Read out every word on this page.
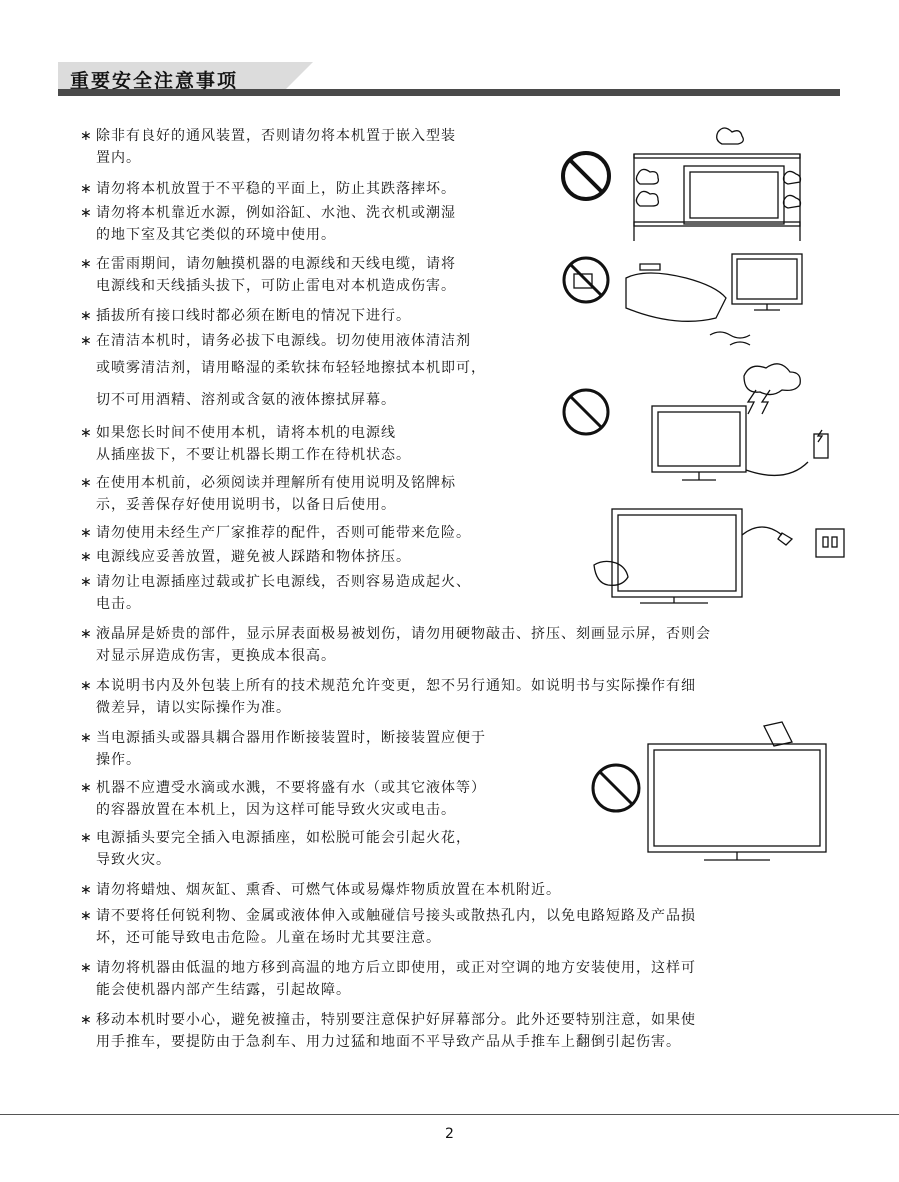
重要安全注意事项
∗ 除非有良好的通风装置，否则请勿将本机置于嵌入型装
置内。
∗ 请勿将本机放置于不平稳的平面上，防止其跌落摔坏。
∗ 请勿将本机靠近水源，例如浴缸、水池、洗衣机或潮湿
的地下室及其它类似的环境中使用。
∗ 在雷雨期间，请勿触摸机器的电源线和天线电缆，请将
电源线和天线插头拔下，可防止雷电对本机造成伤害。
∗ 插拔所有接口线时都必须在断电的情况下进行。
∗ 在清洁本机时，请务必拔下电源线。切勿使用液体清洁剂
或喷雾清洁剂，请用略湿的柔软抹布轻轻地擦拭本机即可，
切不可用酒精、溶剂或含氨的液体擦拭屏幕。
∗ 如果您长时间不使用本机，请将本机的电源线
从插座拔下，不要让机器长期工作在待机状态。
∗ 在使用本机前，必须阅读并理解所有使用说明及铭牌标
示，妥善保存好使用说明书，以备日后使用。
∗ 请勿使用未经生产厂家推荐的配件，否则可能带来危险。
∗ 电源线应妥善放置，避免被人踩踏和物体挤压。
∗ 请勿让电源插座过载或扩长电源线，否则容易造成起火、
电击。
∗ 液晶屏是娇贵的部件，显示屏表面极易被划伤，请勿用硬物敲击、挤压、刻画显示屏，否则会
对显示屏造成伤害，更换成本很高。
∗ 本说明书内及外包装上所有的技术规范允许变更，恕不另行通知。如说明书与实际操作有细
微差异，请以实际操作为准。
∗ 当电源插头或器具耦合器用作断接装置时，断接装置应便于
操作。
∗ 机器不应遭受水滴或水溅，不要将盛有水（或其它液体等）
的容器放置在本机上，因为这样可能导致火灾或电击。
∗ 电源插头要完全插入电源插座，如松脱可能会引起火花，
导致火灾。
∗ 请勿将蜡烛、烟灰缸、熏香、可燃气体或易爆炸物质放置在本机附近。
∗ 请不要将任何锐利物、金属或液体伸入或触碰信号接头或散热孔内，以免电路短路及产品损
坏，还可能导致电击危险。儿童在场时尤其要注意。
∗ 请勿将机器由低温的地方移到高温的地方后立即使用，或正对空调的地方安装使用，这样可
能会使机器内部产生结露，引起故障。
∗ 移动本机时要小心，避免被撞击，特别要注意保护好屏幕部分。此外还要特别注意，如果使
用手推车，要提防由于急刹车、用力过猛和地面不平导致产品从手推车上翻倒引起伤害。
2
